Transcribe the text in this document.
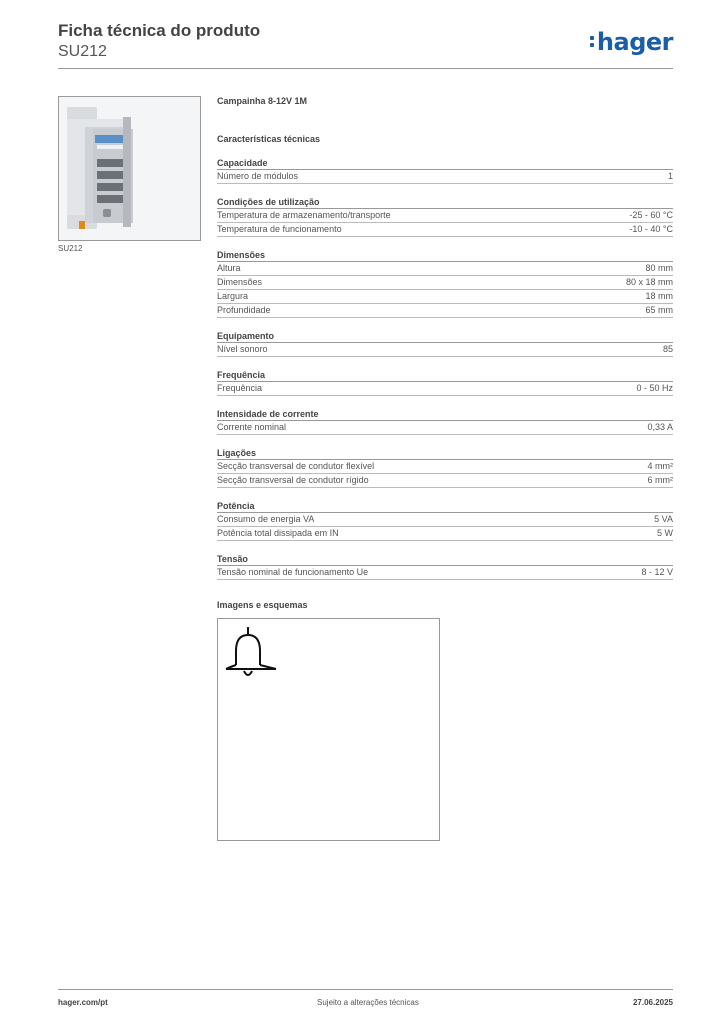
Ficha técnica do produto
SU212	hager
SU212
Campainha 8-12V 1M
Características técnicas
Capacidade
Número de módulos	1
Condições de utilização
Temperatura de armazenamento/transporte	-25 - 60 °C
Temperatura de funcionamento	-10 - 40 °C
Dimensões
Altura	80 mm
Dimensões	80 x 18 mm
Largura	18 mm
Profundidade	65 mm
Equipamento
Nível sonoro	85
Frequência
Frequência	0 - 50 Hz
Intensidade de corrente
Corrente nominal	0,33 A
Ligações
Secção transversal de condutor flexível	4 mm²
Secção transversal de condutor rígido	6 mm²
Potência
Consumo de energia VA	5 VA
Potência total dissipada em IN	5 W
Tensão
Tensão nominal de funcionamento Ue	8 - 12 V
Imagens e esquemas
hager.com/pt	Sujeito a alterações técnicas	27.06.2025
